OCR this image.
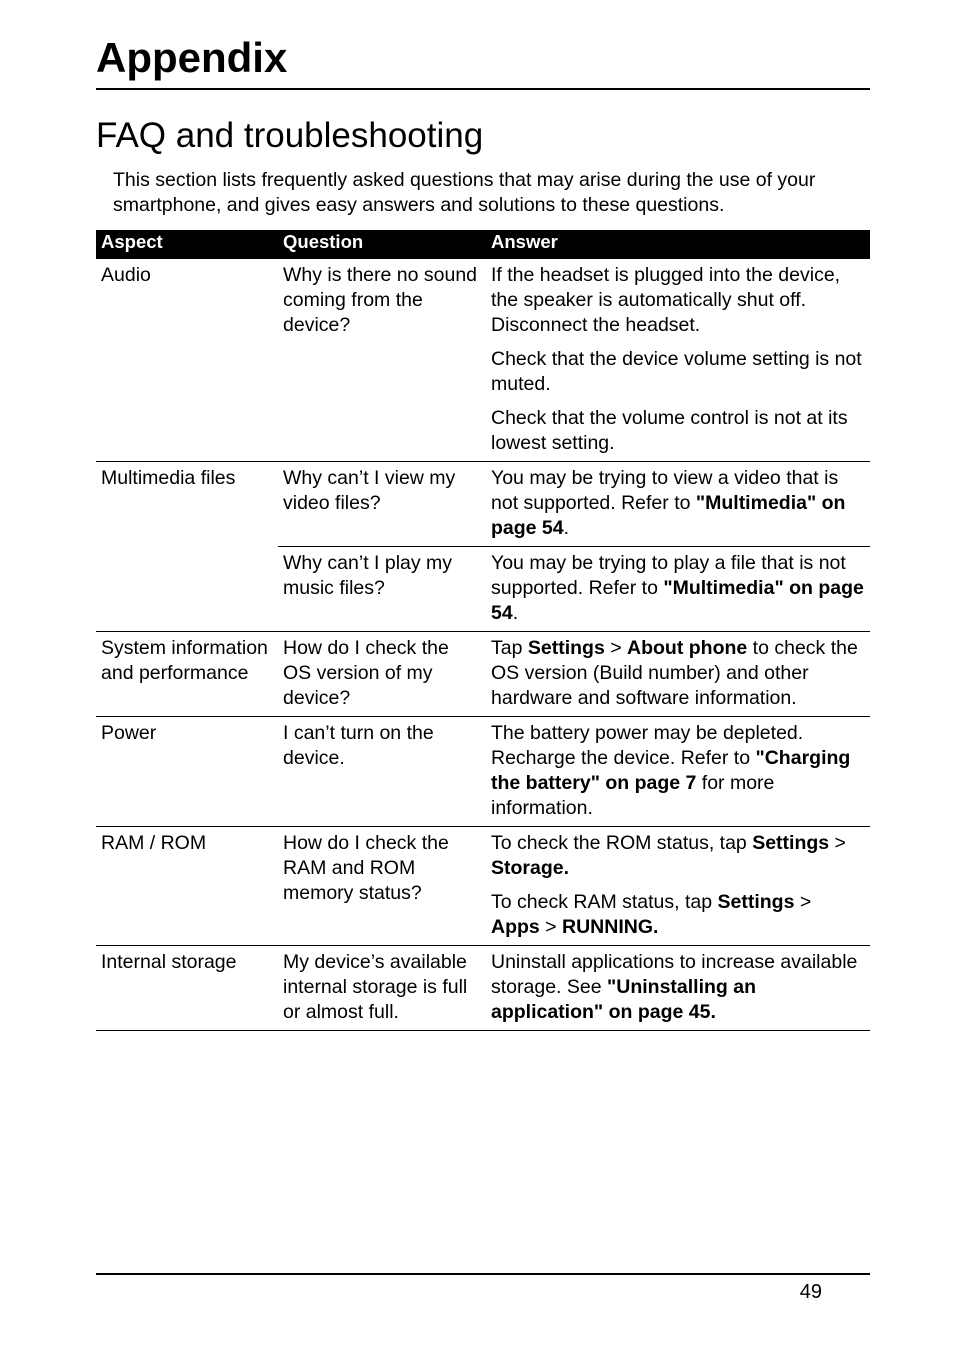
Appendix
FAQ and troubleshooting

This section lists frequently asked questions that may arise during the use of your smartphone, and gives easy answers and solutions to these questions.

Aspect	Question	Answer
Audio	Why is there no sound coming from the device?	If the headset is plugged into the device, the speaker is automatically shut off. Disconnect the headset.

Check that the device volume setting is not muted.

Check that the volume control is not at its lowest setting.

Multimedia files	Why can’t I view my video files?	You may be trying to view a video that is not supported. Refer to "Multimedia" on page 54.
	Why can’t I play my music files?	You may be trying to play a file that is not supported. Refer to "Multimedia" on page 54.
System information and performance	How do I check the OS version of my device?	Tap Settings > About phone to check the OS version (Build number) and other hardware and software information.
Power	I can’t turn on the device.	The battery power may be depleted. Recharge the device. Refer to "Charging the battery" on page 7 for more information.
RAM / ROM	How do I check the RAM and ROM memory status?	To check the ROM status, tap Settings > Storage.

To check RAM status, tap Settings > Apps > RUNNING.

Internal storage	My device’s available internal storage is full or almost full.	Uninstall applications to increase available storage. See "Uninstalling an application" on page 45.
49
